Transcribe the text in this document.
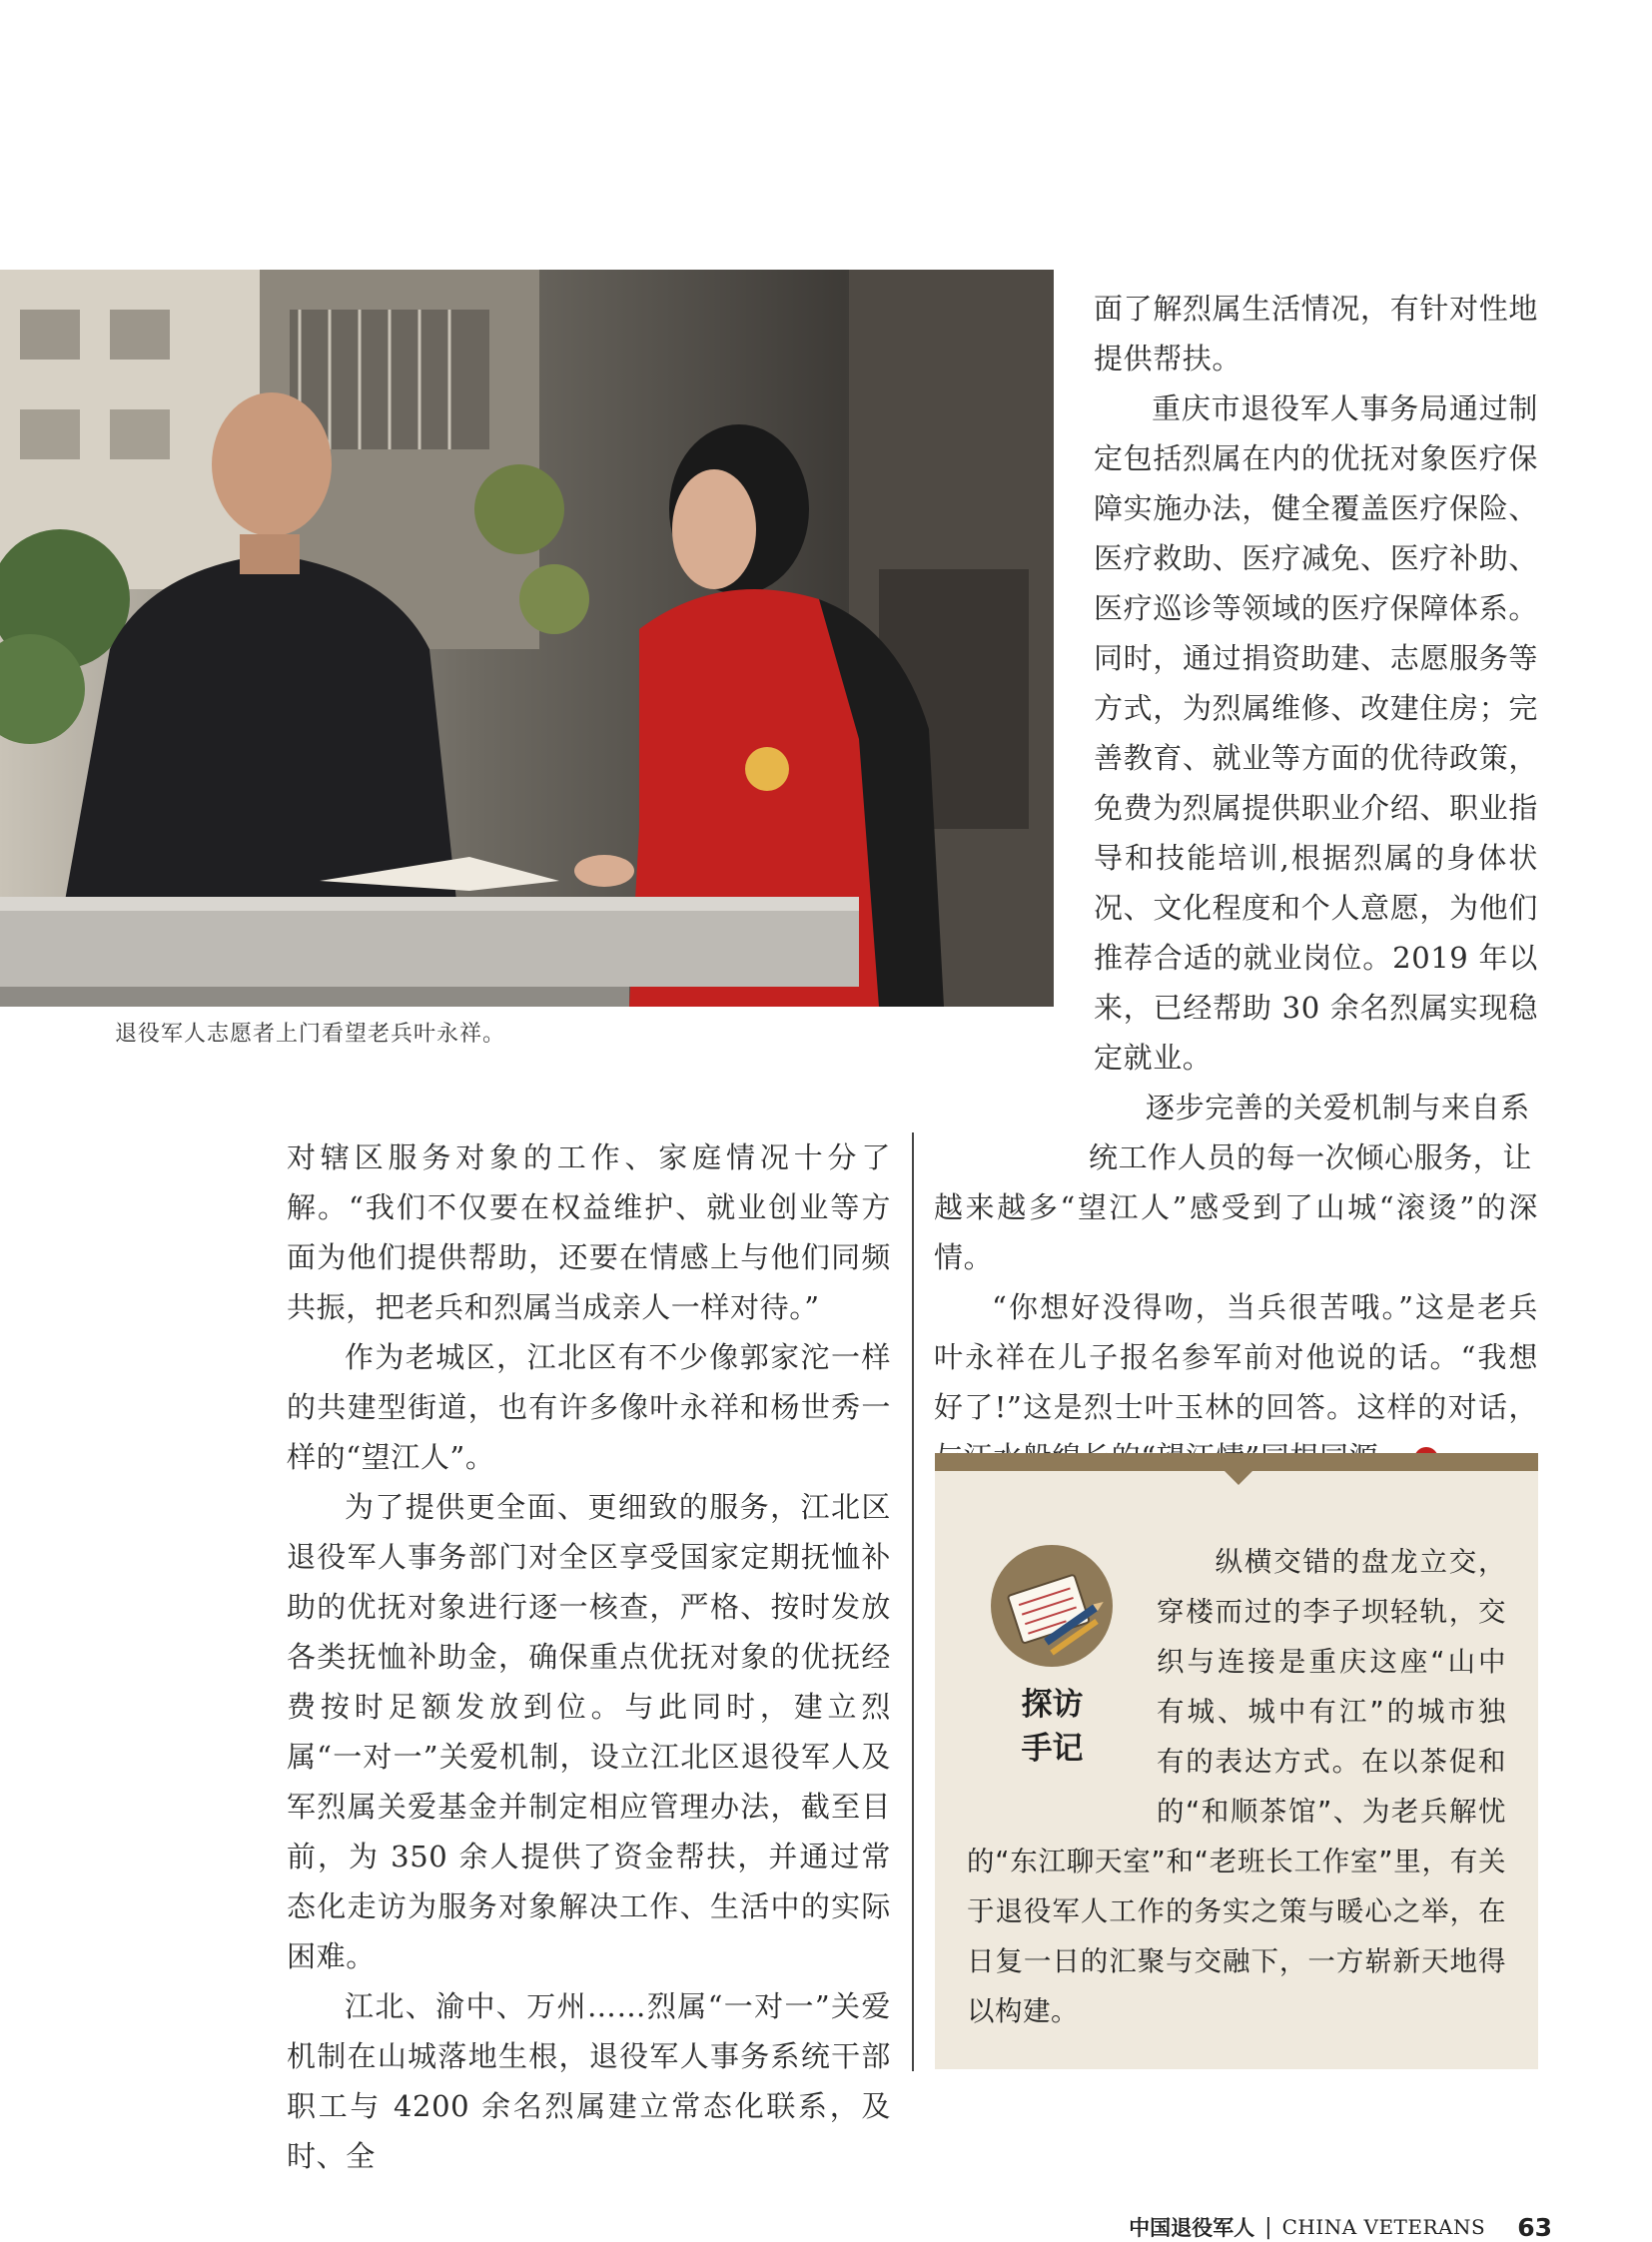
退役军人志愿者上门看望老兵叶永祥。

面了解烈属生活情况，有针对性地提供帮扶。

重庆市退役军人事务局通过制定包括烈属在内的优抚对象医疗保障实施办法，健全覆盖医疗保险、医疗救助、医疗减免、医疗补助、医疗巡诊等领域的医疗保障体系。同时，通过捐资助建、志愿服务等方式，为烈属维修、改建住房；完善教育、就业等方面的优待政策，免费为烈属提供职业介绍、职业指导和技能培训,根据烈属的身体状况、文化程度和个人意愿，为他们推荐合适的就业岗位。2019 年以来，已经帮助 30 余名烈属实现稳定就业。

逐步完善的关爱机制与来自系

统工作人员的每一次倾心服务，让

越来越多“望江人”感受到了山城“滚烫”的深情。

“你想好没得吻，当兵很苦哦。”这是老兵叶永祥在儿子报名参军前对他说的话。“我想好了!”这是烈士叶玉林的回答。这样的对话，

对辖区服务对象的工作、家庭情况十分了解。“我们不仅要在权益维护、就业创业等方面为他们提供帮助，还要在情感上与他们同频共振，把老兵和烈属当成亲人一样对待。”

作为老城区，江北区有不少像郭家沱一样的共建型街道，也有许多像叶永祥和杨世秀一样的“望江人”。

为了提供更全面、更细致的服务，江北区退役军人事务部门对全区享受国家定期抚恤补助的优抚对象进行逐一核查，严格、按时发放各类抚恤补助金，确保重点优抚对象的优抚经费按时足额发放到位。与此同时，建立烈属“一对一”关爱机制，设立江北区退役军人及军烈属关爱基金并制定相应管理办法，截至目前，为 350 余人提供了资金帮扶，并通过常态化走访为服务对象解决工作、生活中的实际困难。

江北、渝中、万州……烈属“一对一”关爱机制在山城落地生根，退役军人事务系统干部职工与 4200 余名烈属建立常态化联系，及时、全

探访
手记
　　纵横交错的盘龙立交，穿楼而过的李子坝轻轨，交织与连接是重庆这座“山中有城、城中有江”的城市独有的表达方式。在以茶促和的“和顺茶馆”、为老兵解忧的“东江聊天室”和“老班长工作室”里，有关于退役军人工作的务实之策与暖心之举，在日复一日的汇聚与交融下，一方崭新天地得以构建。
中国退役军人 | CHINA VETERANS 63
